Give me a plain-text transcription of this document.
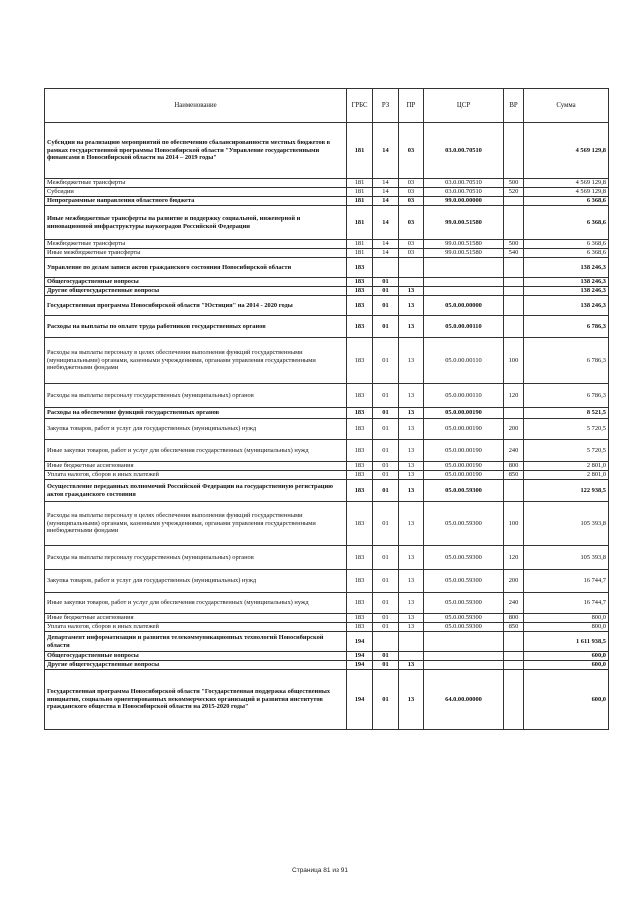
Наименование	ГРБС	РЗ	ПР	ЦСР	ВР	Сумма
Субсидии на реализацию мероприятий по обеспечению сбалансированности местных бюджетов в рамках государственной программы Новосибирской области "Управление государственными финансами в Новосибирской области на 2014 – 2019 годы"	181	14	03	03.0.00.70510		4 569 129,8
Межбюджетные трансферты	181	14	03	03.0.00.70510	500	4 569 129,8
Субсидии	181	14	03	03.0.00.70510	520	4 569 129,8
Непрограммные направления областного бюджета	181	14	03	99.0.00.00000		6 368,6
Иные межбюджетные трансферты на развитие и поддержку социальной, инженерной и инновационной инфраструктуры наукоградов Российской Федерации	181	14	03	99.0.00.51580		6 368,6
Межбюджетные трансферты	181	14	03	99.0.00.51580	500	6 368,6
Иные межбюджетные трансферты	181	14	03	99.0.00.51580	540	6 368,6
Управление по делам записи актов гражданского состояния Новосибирской области	183					138 246,3
Общегосударственные вопросы	183	01				138 246,3
Другие общегосударственные вопросы	183	01	13			138 246,3
Государственная программа Новосибирской области "Юстиция" на 2014 - 2020 годы	183	01	13	05.0.00.00000		138 246,3
Расходы на выплаты по оплате труда работников государственных органов	183	01	13	05.0.00.00110		6 786,3
Расходы на выплаты персоналу в целях обеспечения выполнения функций государственными (муниципальными) органами, казенными учреждениями, органами управления государственными внебюджетными фондами	183	01	13	05.0.00.00110	100	6 786,3
Расходы на выплаты персоналу государственных (муниципальных) органов	183	01	13	05.0.00.00110	120	6 786,3
Расходы на обеспечение функций государственных органов	183	01	13	05.0.00.00190		8 521,5
Закупка товаров, работ и услуг для государственных (муниципальных) нужд	183	01	13	05.0.00.00190	200	5 720,5
Иные закупки товаров, работ и услуг для обеспечения государственных (муниципальных) нужд	183	01	13	05.0.00.00190	240	5 720,5
Иные бюджетные ассигнования	183	01	13	05.0.00.00190	800	2 801,0
Уплата налогов, сборов и иных платежей	183	01	13	05.0.00.00190	850	2 801,0
Осуществление переданных полномочий Российской Федерации на государственную регистрацию актов гражданского состояния	183	01	13	05.0.00.59300		122 938,5
Расходы на выплаты персоналу в целях обеспечения выполнения функций государственными (муниципальными) органами, казенными учреждениями, органами управления государственными внебюджетными фондами	183	01	13	05.0.00.59300	100	105 393,8
Расходы на выплаты персоналу государственных (муниципальных) органов	183	01	13	05.0.00.59300	120	105 393,8
Закупка товаров, работ и услуг для государственных (муниципальных) нужд	183	01	13	05.0.00.59300	200	16 744,7
Иные закупки товаров, работ и услуг для обеспечения государственных (муниципальных) нужд	183	01	13	05.0.00.59300	240	16 744,7
Иные бюджетные ассигнования	183	01	13	05.0.00.59300	800	800,0
Уплата налогов, сборов и иных платежей	183	01	13	05.0.00.59300	850	800,0
Департамент информатизации и развития телекоммуникационных технологий Новосибирской области	194					1 611 938,5
Общегосударственные вопросы	194	01				600,0
Другие общегосударственные вопросы	194	01	13			600,0
Государственная программа Новосибирской области "Государственная поддержка общественных инициатив, социально ориентированных некоммерческих организаций и развития институтов гражданского общества в Новосибирской области на 2015-2020 годы"	194	01	13	64.0.00.00000		600,0
Страница 81 из 91
